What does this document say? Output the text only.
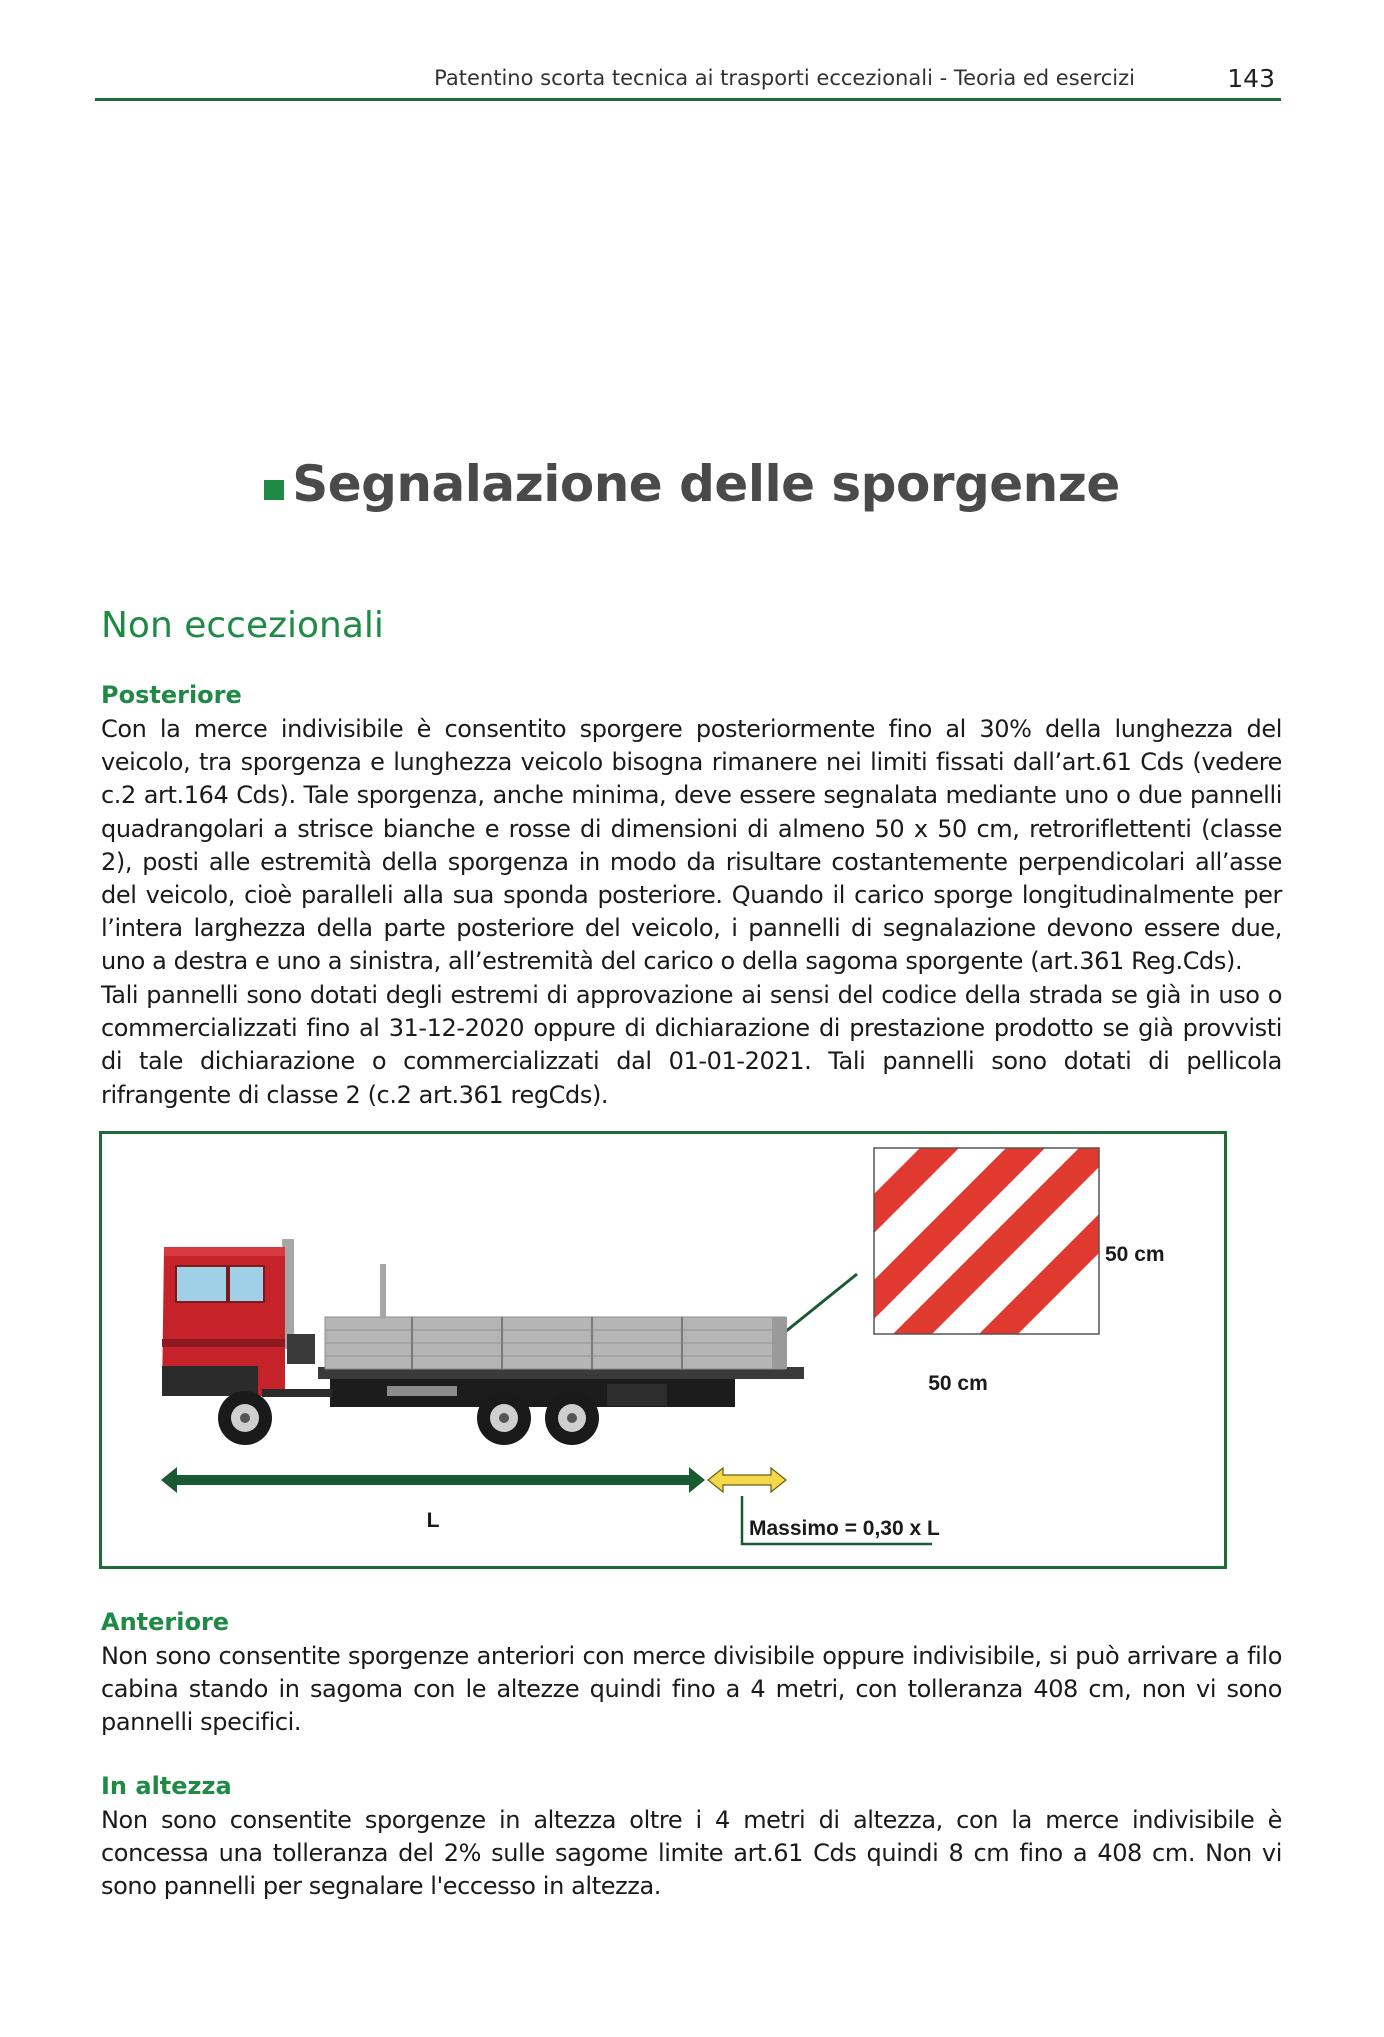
Patentino scorta tecnica ai trasporti eccezionali - Teoria ed esercizi	143
Segnalazione delle sporgenze
Non eccezionali
Posteriore

Con la merce indivisibile è consentito sporgere posteriormente fino al 30% della lunghezza del veicolo, tra sporgenza e lunghezza veicolo bisogna rimanere nei limiti fissati dall’art.61 Cds (vedere c.2 art.164 Cds). Tale sporgenza, anche minima, deve essere segnalata mediante uno o due pannelli quadrangolari a strisce bianche e rosse di dimensioni di almeno 50 x 50 cm, retroriflettenti (classe 2), posti alle estremità della sporgenza in modo da risultare costantemente perpendicolari all’asse del veicolo, cioè paralleli alla sua sponda posteriore. Quando il carico sporge longitudinalmente per l’intera larghezza della parte posteriore del veicolo, i pannelli di segnalazione devono essere due, uno a destra e uno a sinistra, all’estremità del carico o della sagoma sporgente (art.361 Reg.Cds).

Tali pannelli sono dotati degli estremi di approvazione ai sensi del codice della strada se già in uso o commercializzati fino al 31-12-2020 oppure di dichiarazione di prestazione prodotto se già provvisti di tale dichiarazione o commercializzati dal 01-01-2021. Tali pannelli sono dotati di pellicola rifrangente di classe 2 (c.2 art.361 regCds).

50 cm
50 cm
L	Massimo = 0,30 x L
Anteriore

Non sono consentite sporgenze anteriori con merce divisibile oppure indivisibile, si può arrivare a filo cabina stando in sagoma con le altezze quindi fino a 4 metri, con tolleranza 408 cm, non vi sono pannelli specifici.

In altezza

Non sono consentite sporgenze in altezza oltre i 4 metri di altezza, con la merce indivisibile è concessa una tolleranza del 2% sulle sagome limite art.61 Cds quindi 8 cm fino a 408 cm. Non vi sono pannelli per segnalare l'eccesso in altezza.
